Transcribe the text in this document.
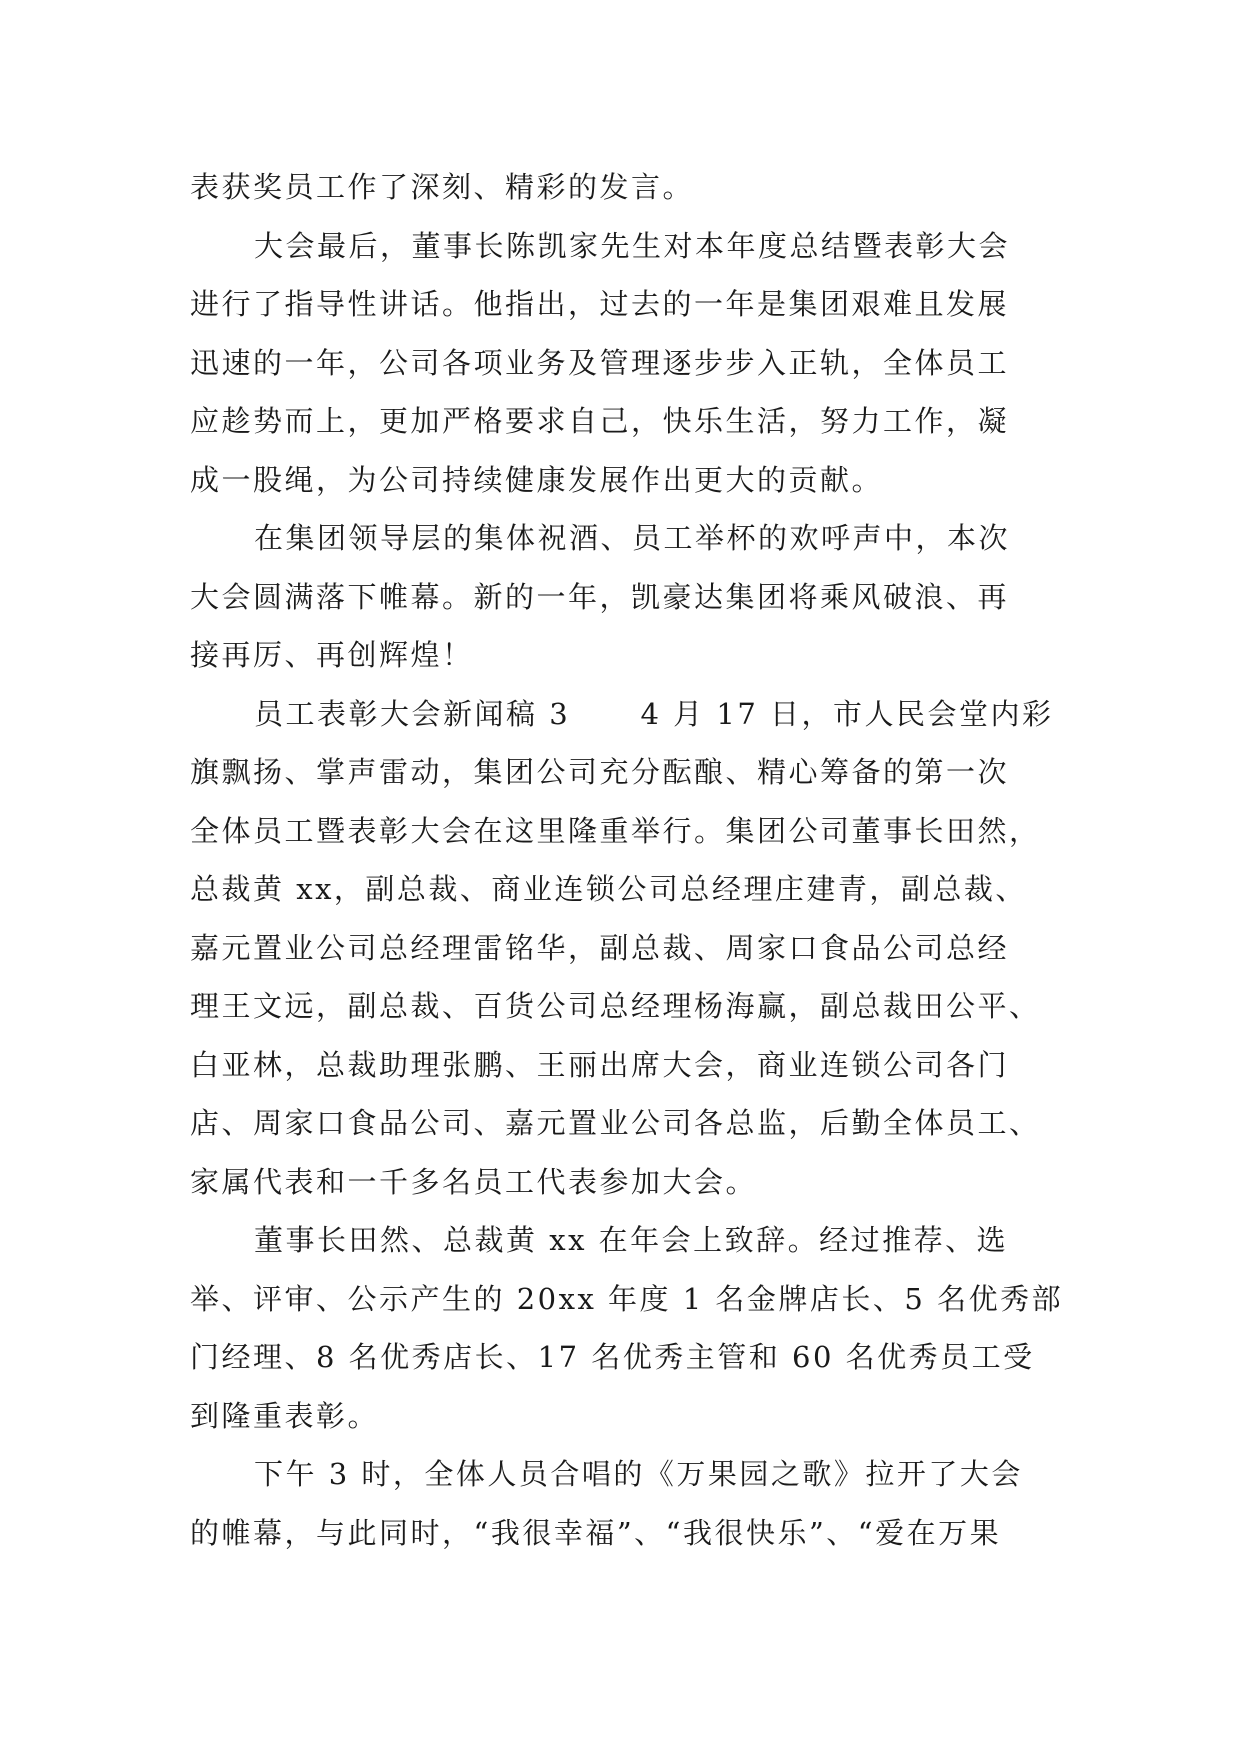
表获奖员工作了深刻、精彩的发言。
大会最后，董事长陈凯家先生对本年度总结暨表彰大会
进行了指导性讲话。他指出，过去的一年是集团艰难且发展
迅速的一年，公司各项业务及管理逐步步入正轨，全体员工
应趁势而上，更加严格要求自己，快乐生活，努力工作，凝
成一股绳，为公司持续健康发展作出更大的贡献。
在集团领导层的集体祝酒、员工举杯的欢呼声中，本次
大会圆满落下帷幕。新的一年，凯豪达集团将乘风破浪、再
接再厉、再创辉煌！
员工表彰大会新闻稿 3      4 月 17 日，市人民会堂内彩
旗飘扬、掌声雷动，集团公司充分酝酿、精心筹备的第一次
全体员工暨表彰大会在这里隆重举行。集团公司董事长田然，
总裁黄 xx，副总裁、商业连锁公司总经理庄建青，副总裁、
嘉元置业公司总经理雷铭华，副总裁、周家口食品公司总经
理王文远，副总裁、百货公司总经理杨海赢，副总裁田公平、
白亚林，总裁助理张鹏、王丽出席大会，商业连锁公司各门
店、周家口食品公司、嘉元置业公司各总监，后勤全体员工、
家属代表和一千多名员工代表参加大会。
董事长田然、总裁黄 xx 在年会上致辞。经过推荐、选
举、评审、公示产生的 20xx 年度 1 名金牌店长、5 名优秀部
门经理、8 名优秀店长、17 名优秀主管和 60 名优秀员工受
到隆重表彰。
下午 3 时，全体人员合唱的《万果园之歌》拉开了大会
的帷幕，与此同时，“我很幸福”、“我很快乐”、“爱在万果
